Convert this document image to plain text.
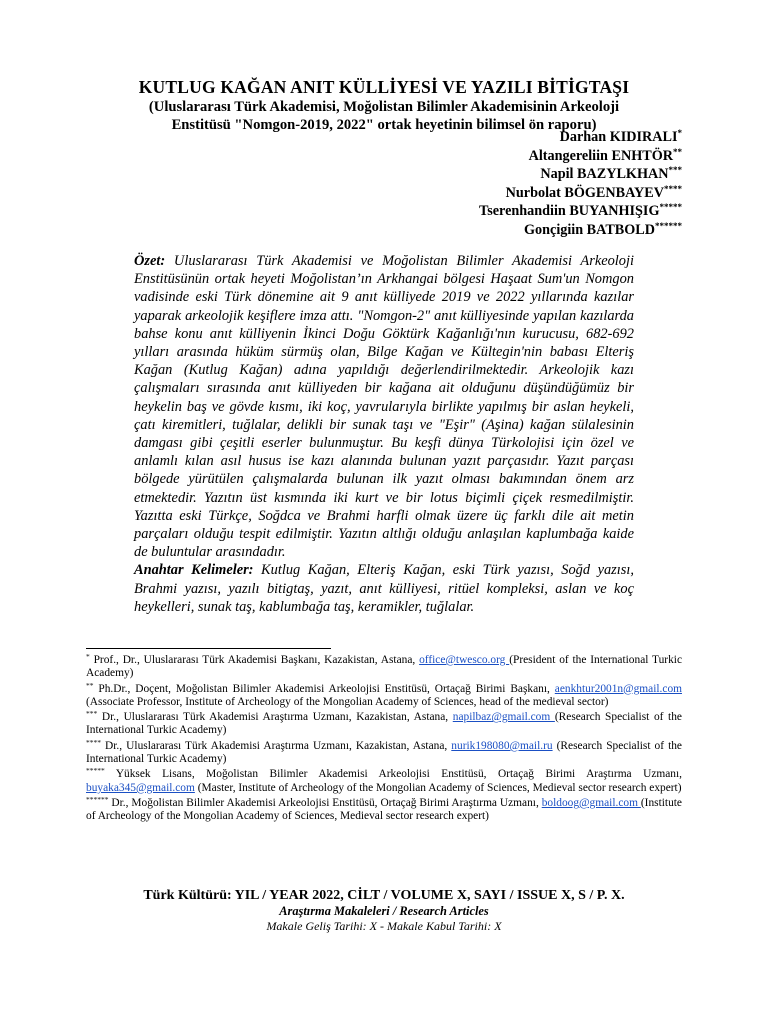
KUTLUG KAĞAN ANIT KÜLLİYESİ VE YAZILI BİTİGTAŞI
(Uluslararası Türk Akademisi, Moğolistan Bilimler Akademisinin Arkeoloji
Enstitüsü "Nomgon-2019, 2022" ortak heyetinin bilimsel ön raporu)
Darhan KIDIRALI*
Altangereliin ENHTÖR**
Napil BAZYLKHAN***
Nurbolat BÖGENBAYEV****
Tserenhandiin BUYANHIŞIG*****
Gonçigiin BATBOLD******

Özet: Uluslararası Türk Akademisi ve Moğolistan Bilimler Akademisi Arkeoloji Enstitüsünün ortak heyeti Moğolistan’ın Arkhangai bölgesi Haşaat Sum'un Nomgon vadisinde eski Türk dönemine ait 9 anıt külliyede 2019 ve 2022 yıllarında kazılar yaparak arkeolojik keşiflere imza attı. "Nomgon-2" anıt külliyesinde yapılan kazılarda bahse konu anıt külliyenin İkinci Doğu Göktürk Kağanlığı'nın kurucusu, 682-692 yılları arasında hüküm sürmüş olan, Bilge Kağan ve Kültegin'nin babası Elteriş Kağan (Kutlug Kağan) adına yapıldığı değerlendirilmektedir. Arkeolojik kazı çalışmaları sırasında anıt külliyeden bir kağana ait olduğunu düşündüğümüz bir heykelin baş ve gövde kısmı, iki koç, yavrularıyla birlikte yapılmış bir aslan heykeli, çatı kiremitleri, tuğlalar, delikli bir sunak taşı ve "Eşir" (Aşina) kağan sülalesinin damgası gibi çeşitli eserler bulunmuştur. Bu keşfi dünya Türkolojisi için özel ve anlamlı kılan asıl husus ise kazı alanında bulunan yazıt parçasıdır. Yazıt parçası bölgede yürütülen çalışmalarda bulunan ilk yazıt olması bakımından önem arz etmektedir. Yazıtın üst kısmında iki kurt ve bir lotus biçimli çiçek resmedilmiştir. Yazıtta eski Türkçe, Soğdca ve Brahmi harfli olmak üzere üç farklı dile ait metin parçaları olduğu tespit edilmiştir. Yazıtın altlığı olduğu anlaşılan kaplumbağa kaide de buluntular arasındadır.

Anahtar Kelimeler: Kutlug Kağan, Elteriş Kağan, eski Türk yazısı, Soğd yazısı, Brahmi yazısı, yazılı bitigtaş, yazıt, anıt külliyesi, ritüel kompleksi, aslan ve koç heykelleri, sunak taş, kablumbağa taş, keramikler, tuğlalar.

* Prof., Dr., Uluslararası Türk Akademisi Başkanı, Kazakistan, Astana, office@twesco.org (President of the International Turkic Academy)

** Ph.Dr., Doçent, Moğolistan Bilimler Akademisi Arkeolojisi Enstitüsü, Ortaçağ Birimi Başkanı, aenkhtur2001n@gmail.com (Associate Professor, Institute of Archeology of the Mongolian Academy of Sciences, head of the medieval sector)

*** Dr., Uluslararası Türk Akademisi Araştırma Uzmanı, Kazakistan, Astana, napilbaz@gmail.com (Research Specialist of the International Turkic Academy)

**** Dr., Uluslararası Türk Akademisi Araştırma Uzmanı, Kazakistan, Astana, nurik198080@mail.ru (Research Specialist of the International Turkic Academy)

***** Yüksek Lisans, Moğolistan Bilimler Akademisi Arkeolojisi Enstitüsü, Ortaçağ Birimi Araştırma Uzmanı, buyaka345@gmail.com (Master, Institute of Archeology of the Mongolian Academy of Sciences, Medieval sector research expert)

****** Dr., Moğolistan Bilimler Akademisi Arkeolojisi Enstitüsü, Ortaçağ Birimi Araştırma Uzmanı, boldoog@gmail.com (Institute of Archeology of the Mongolian Academy of Sciences, Medieval sector research expert)

Türk Kültürü: YIL / YEAR 2022, CİLT / VOLUME X, SAYI / ISSUE X, S / P. X.
Araştırma Makaleleri / Research Articles
Makale Geliş Tarihi: X - Makale Kabul Tarihi: X
